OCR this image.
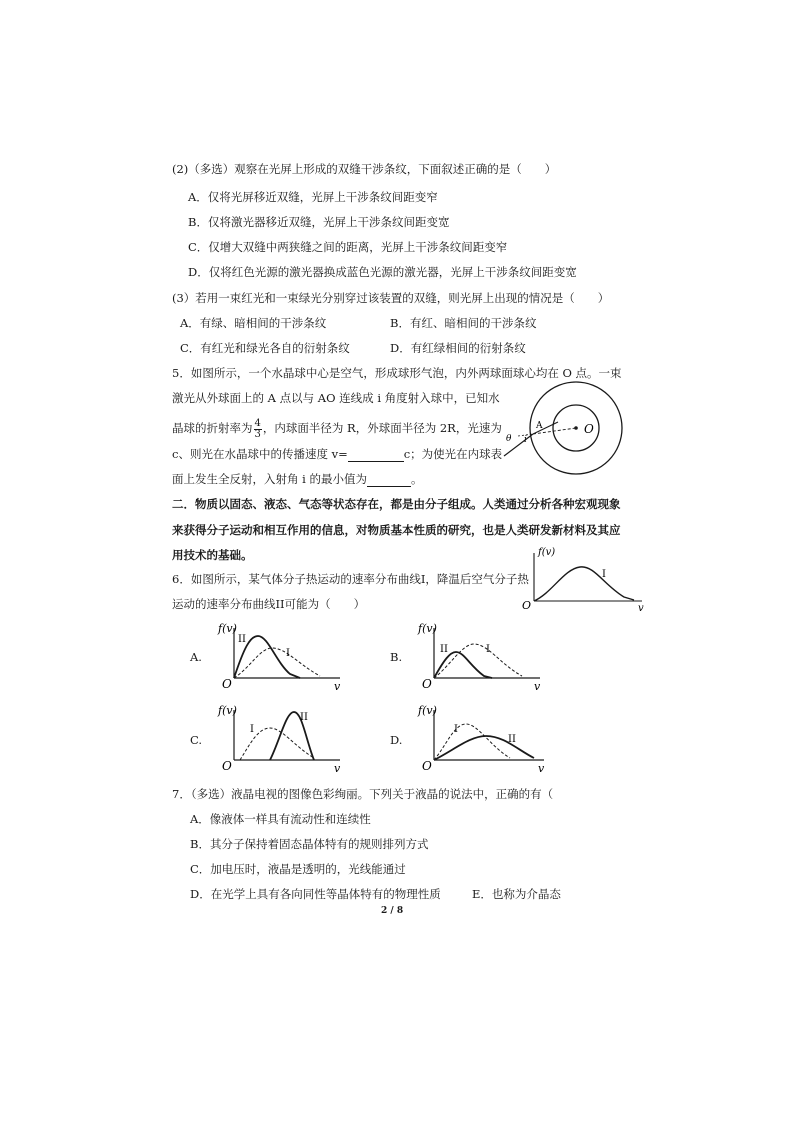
(2)（多选）观察在光屏上形成的双缝干涉条纹，下面叙述正确的是（　　）
A．仅将光屏移近双缝，光屏上干涉条纹间距变窄
B．仅将激光器移近双缝，光屏上干涉条纹间距变宽
C．仅增大双缝中两狭缝之间的距离，光屏上干涉条纹间距变窄
D．仅将红色光源的激光器换成蓝色光源的激光器，光屏上干涉条纹间距变宽
(3）若用一束红光和一束绿光分别穿过该装置的双缝，则光屏上出现的情况是（　　）
A．有绿、暗相间的干涉条纹	B．有红、暗相间的干涉条纹
C．有红光和绿光各自的衍射条纹	D．有红绿相间的衍射条纹
5．如图所示，一个水晶球中心是空气，形成球形气泡，内外两球面球心均在 O 点。一束
激光从外球面上的 A 点以与 AO 连线成 i 角度射入球中，已知水
晶球的折射率为 $\frac{4}{3}$ ，内球面半径为 R，外球面半径为 2R，光速为
c、则光在水晶球中的传播速度 v=	c；为使光在内球表
面上发生全反射，入射角 i 的最小值为	。
O
A
θ i
二．物质以固态、液态、气态等状态存在，都是由分子组成。人类通过分析各种宏观现象
来获得分子运动和相互作用的信息，对物质基本性质的研究，也是人类研发新材料及其应
用技术的基础。
6．如图所示，某气体分子热运动的速率分布曲线I，降温后空气分子热
运动的速率分布曲线II可能为（　　）
f(v)
v
O
I
A.
f(v)
v
O
II
I	B.
f(v)
v
O
II	I
C.
f(v)
v
O
I
II
D.
f(v)
v
O
I
II
7．（多选）液晶电视的图像色彩绚丽。下列关于液晶的说法中，正确的有（
A．像液体一样具有流动性和连续性
B．其分子保持着固态晶体特有的规则排列方式
C．加电压时，液晶是透明的，光线能通过
D．在光学上具有各向同性等晶体特有的物理性质	E．也称为介晶态
2 / 8
